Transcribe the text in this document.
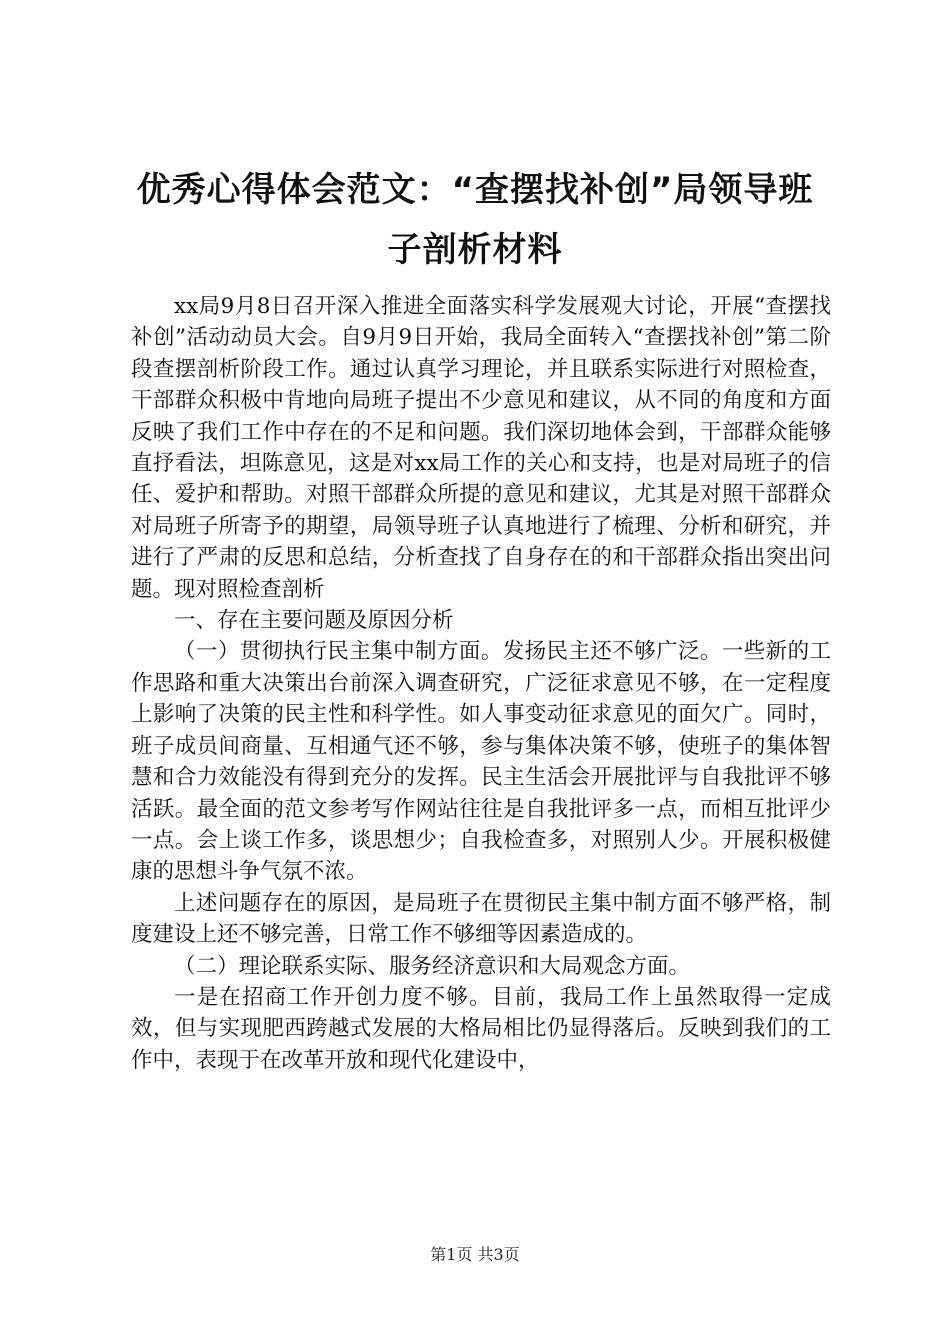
优秀心得体会范文：“查摆找补创”局领导班子剖析材料

xx局9月8日召开深入推进全面落实科学发展观大讨论，开展“查摆找补创”活动动员大会。自9月9日开始，我局全面转入“查摆找补创”第二阶段查摆剖析阶段工作。通过认真学习理论，并且联系实际进行对照检查，干部群众积极中肯地向局班子提出不少意见和建议，从不同的角度和方面反映了我们工作中存在的不足和问题。我们深切地体会到，干部群众能够直抒看法，坦陈意见，这是对xx局工作的关心和支持，也是对局班子的信任、爱护和帮助。对照干部群众所提的意见和建议，尤其是对照干部群众对局班子所寄予的期望，局领导班子认真地进行了梳理、分析和研究，并进行了严肃的反思和总结，分析查找了自身存在的和干部群众指出突出问题。现对照检查剖析

一、存在主要问题及原因分析

（一）贯彻执行民主集中制方面。发扬民主还不够广泛。一些新的工作思路和重大决策出台前深入调查研究，广泛征求意见不够，在一定程度上影响了决策的民主性和科学性。如人事变动征求意见的面欠广。同时，班子成员间商量、互相通气还不够，参与集体决策不够，使班子的集体智慧和合力效能没有得到充分的发挥。民主生活会开展批评与自我批评不够活跃。最全面的范文参考写作网站往往是自我批评多一点，而相互批评少一点。会上谈工作多，谈思想少；自我检查多，对照别人少。开展积极健康的思想斗争气氛不浓。

上述问题存在的原因，是局班子在贯彻民主集中制方面不够严格，制度建设上还不够完善，日常工作不够细等因素造成的。

（二）理论联系实际、服务经济意识和大局观念方面。

一是在招商工作开创力度不够。目前，我局工作上虽然取得一定成效，但与实现肥西跨越式发展的大格局相比仍显得落后。反映到我们的工作中，表现于在改革开放和现代化建设中，

第1页 共3页
